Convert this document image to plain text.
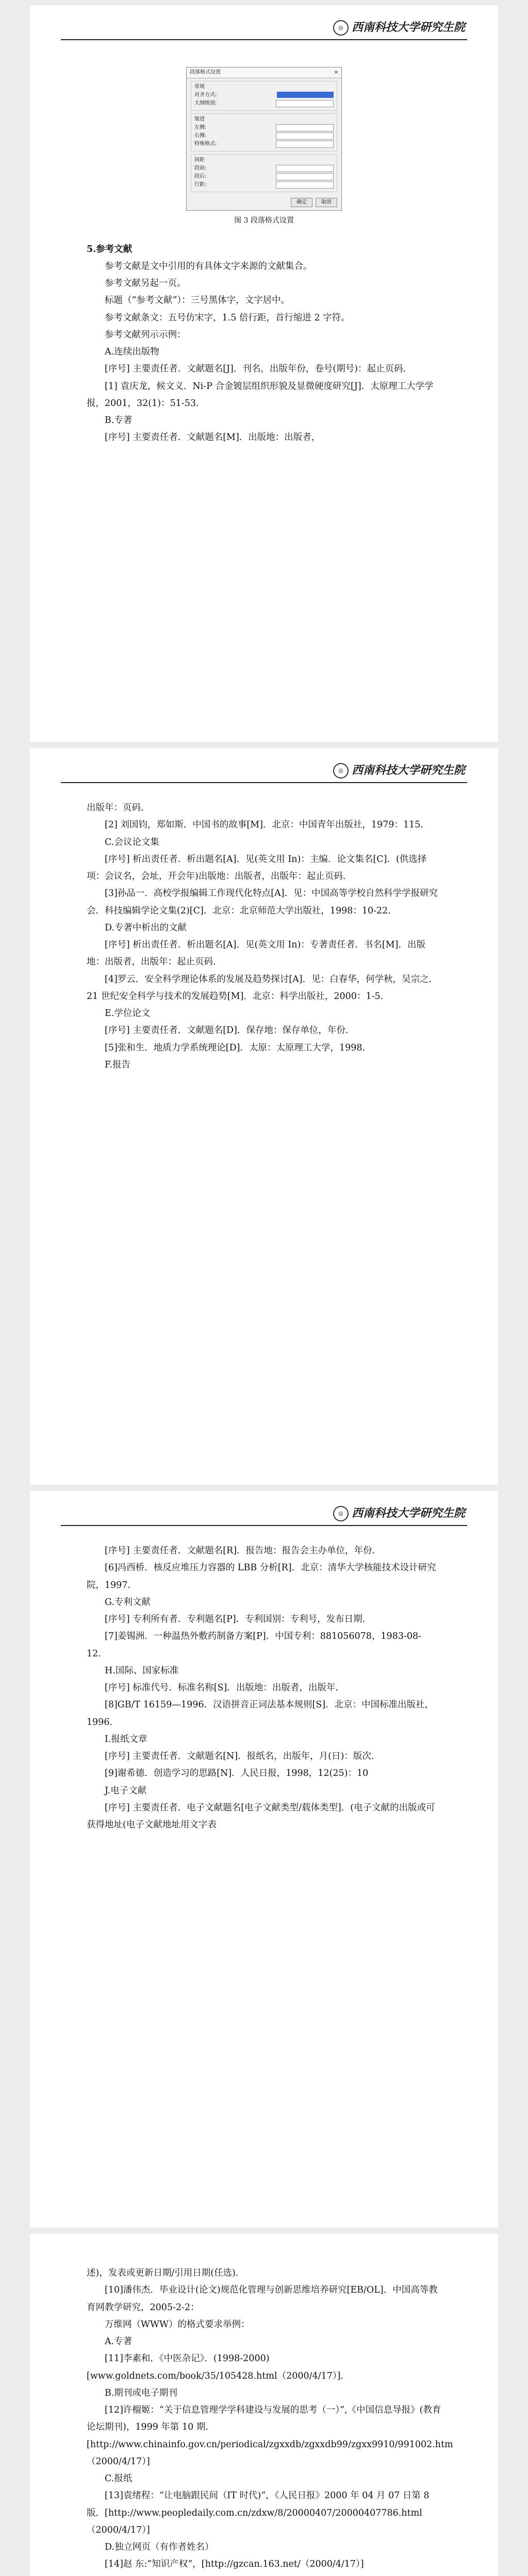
◎ 西南科技大学研究生院
段落格式设置	×
常规
对齐方式:
大纲级别:
缩进
左侧:
右侧:
特殊格式:
间距
段前:
段后:
行距:
确定	取消
图 3 段落格式设置

5.参考文献

参考文献是文中引用的有具体文字来源的文献集合。

参考文献另起一页。

标题（“参考文献”）：三号黑体字，文字居中。

参考文献条文：五号仿宋字，1.5 倍行距，首行缩进 2 字符。

参考文献列示示例：

A.连续出版物

[序号] 主要责任者．文献题名[J]．刊名，出版年份，卷号(期号)：起止页码．

[1] 袁庆龙，候文义．Ni-P 合金镀层组织形貌及显微硬度研究[J]．太原理工大学学报，2001，32(1)：51-53．

B.专著

[序号] 主要责任者．文献题名[M]．出版地：出版者，

◎ 西南科技大学研究生院

出版年：页码．

[2] 刘国钧，郑如斯．中国书的故事[M]．北京：中国青年出版社，1979：115．

C.会议论文集

[序号] 析出责任者．析出题名[A]．见(英文用 In)：主编．论文集名[C]．(供选择项：会议名，会址，开会年)出版地：出版者，出版年：起止页码．

[3]孙品一．高校学报编辑工作现代化特点[A]．见：中国高等学校自然科学学报研究会．科技编辑学论文集(2)[C]．北京：北京师范大学出版社，1998：10-22．

D.专著中析出的文献

[序号] 析出责任者．析出题名[A]．见(英文用 In)：专著责任者．书名[M]．出版地：出版者，出版年：起止页码．

[4]罗云．安全科学理论体系的发展及趋势探讨[A]．见：白春华，何学秋，吴宗之．21 世纪安全科学与技术的发展趋势[M]．北京：科学出版社，2000：1-5．

E.学位论文

[序号] 主要责任者．文献题名[D]．保存地：保存单位，年份．

[5]张和生．地质力学系统理论[D]．太原：太原理工大学，1998．

F.报告

◎ 西南科技大学研究生院

[序号] 主要责任者．文献题名[R]．报告地：报告会主办单位，年份．

[6]冯西桥．核反应堆压力容器的 LBB 分析[R]．北京：清华大学核能技术设计研究院，1997．

G.专利文献

[序号] 专利所有者．专利题名[P]．专利国别：专利号，发布日期．

[7]姜锡洲．一种温热外敷药制备方案[P]．中国专利：881056078，1983-08-12．

H.国际、国家标准

[序号] 标准代号．标准名称[S]．出版地：出版者，出版年．

[8]GB/T 16159—1996．汉语拼音正词法基本规则[S]．北京：中国标准出版社，1996．

I.报纸文章

[序号] 主要责任者．文献题名[N]．报纸名，出版年，月(日)：版次．

[9]谢希德．创造学习的思路[N]．人民日报，1998，12(25)：10

J.电子文献

[序号] 主要责任者．电子文献题名[电子文献类型/载体类型]．(电子文献的出版或可获得地址(电子文献地址用文字表

述)，发表或更新日期/引用日期(任选)．

[10]潘伟杰．毕业设计(论文)规范化管理与创新思维培养研究[EB/OL]．中国高等教育网教学研究，2005-2-2：

万维网（WWW）的格式要求举例：

A.专著

[11]李素和．《中医杂记》．(1998-2000)[www.goldnets.com/book/35/105428.html（2000/4/17）]．

B.期刊或电子期刊

[12]许榴姬：“关于信息管理学学科建设与发展的思考（一）”,《中国信息导报》(教育论坛期刊)，1999 年第 10 期．[http://www.chinainfo.gov.cn/periodical/zgxxdb/zgxxdb99/zgxx9910/991002.htm（2000/4/17）]

C.报纸

[13]袁绪程：“让电脑跟民间（IT 时代)”，《人民日报》2000 年 04 月 07 日第 8 版．[http://www.peopledaily.com.cn/zdxw/8/20000407/20000407786.html（2000/4/17）]

D.独立网页（有作者姓名）

[14]赵 东:“知识产权”，[http://gzcan.163.net/（2000/4/17）]
